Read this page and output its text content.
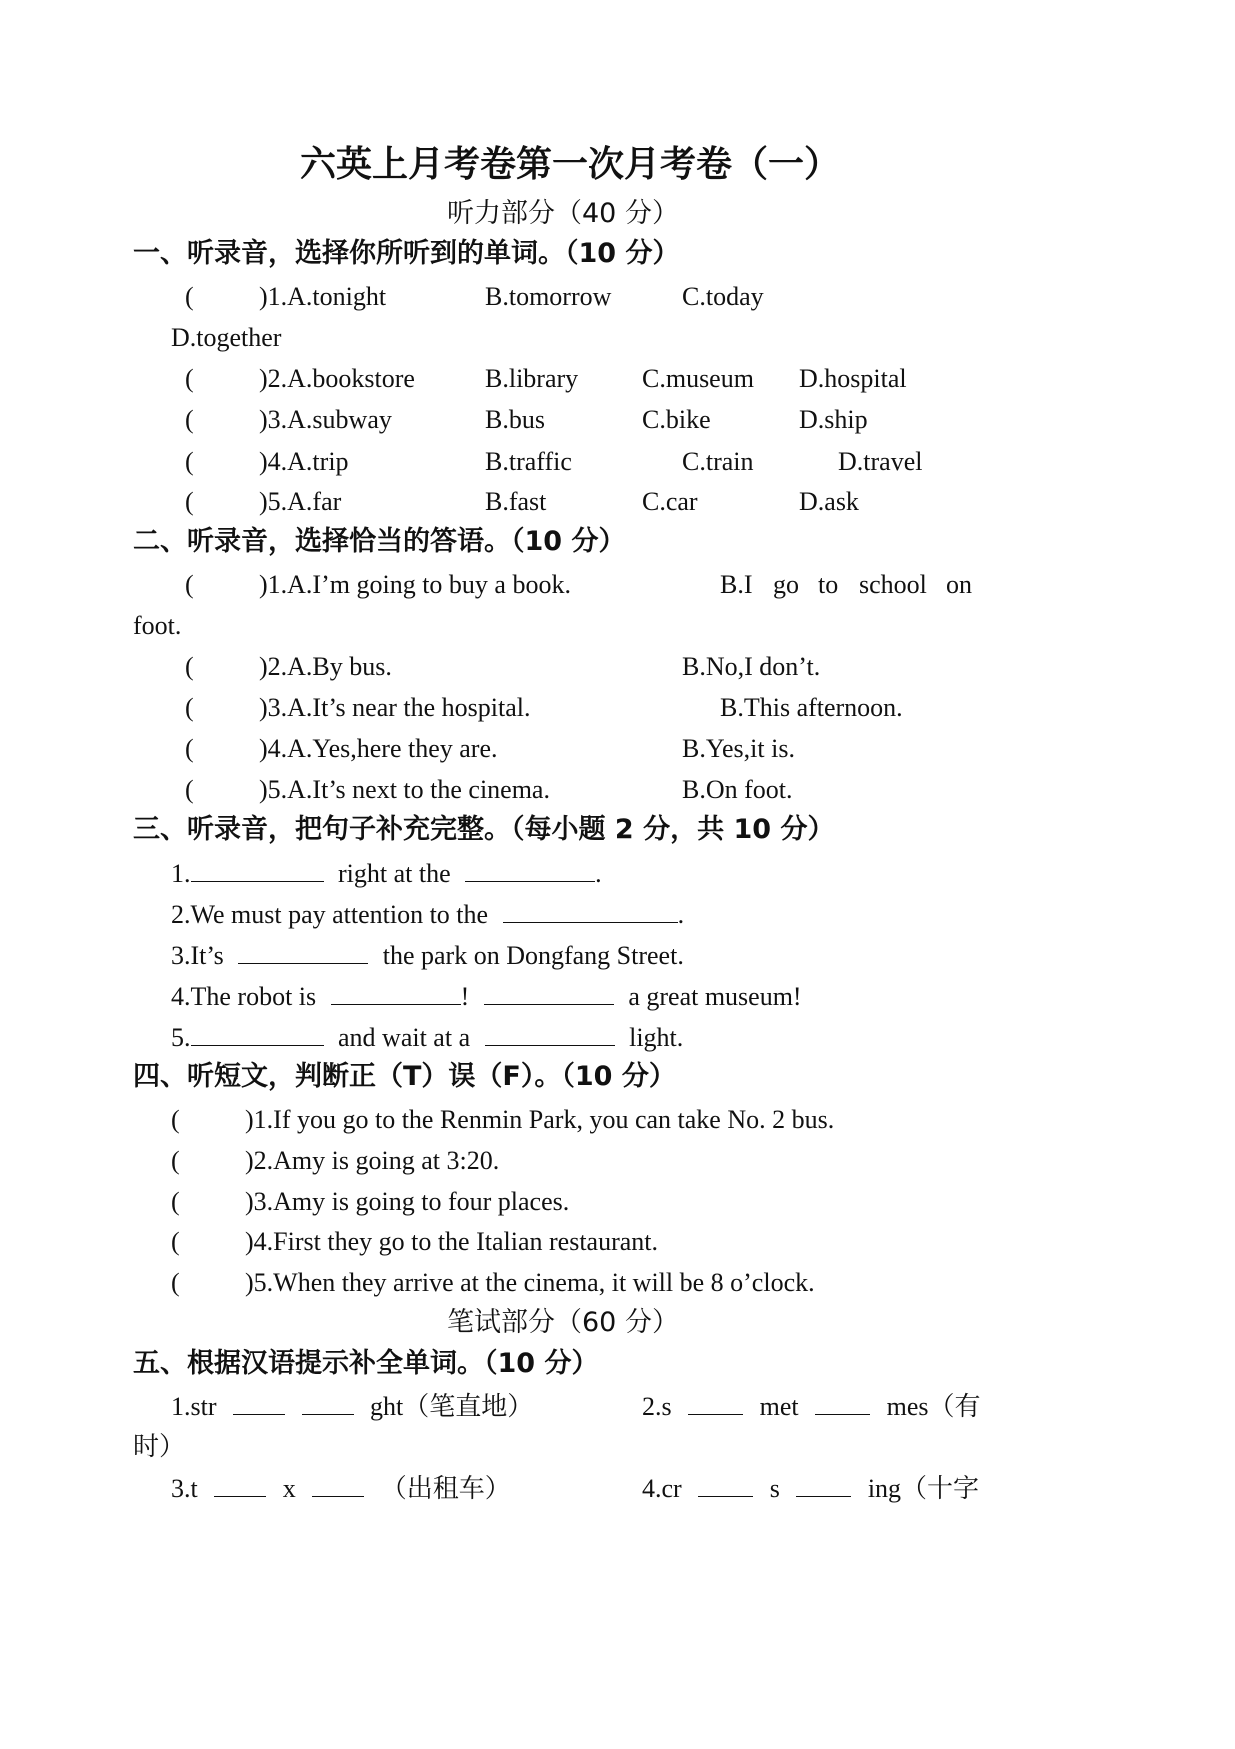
六英上月考卷第一次月考卷（一）
听力部分（40 分）
一、听录音，选择你所听到的单词。（10 分）
(	)1.A.tonight	B.tomorrow	C.today
D.together
(	)2.A.bookstore	B.library C.museum D.hospital
(	)3.A.subway	B.bus	C.bike	D.ship
(	)4.A.trip	B.traffic	C.train	D.travel
(	)5.A.far	B.fast	C.car	D.ask
二、听录音，选择恰当的答语。（10 分）
(	)1.A.I’m going to buy a book.	B.I go to school on
foot.
(	)2.A.By bus.	B.No,I don’t.
(	)3.A.It’s near the hospital.	B.This afternoon.
(	)4.A.Yes,here they are.	B.Yes,it is.
(	)5.A.It’s next to the cinema.	B.On foot.
三、听录音，把句子补充完整。（每小题 2 分，共 10 分）
1.	right at the	.
2.We must pay attention to the	.
3.It’s	the park on Dongfang Street.
4.The robot is	!	a great museum!
5.	and wait at a	light.
四、听短文，判断正（T）误（F）。（10 分）
(	)1.If you go to the Renmin Park, you can take No. 2 bus.
(	)2.Amy is going at 3:20.
(	)3.Amy is going to four places.
(	)4.First they go to the Italian restaurant.
(	)5.When they arrive at the cinema, it will be 8 o’clock.
笔试部分（60 分）
五、根据汉语提示补全单词。（10 分）
1.str	ght（笔直地）	2.s	met	mes（有
时）
3.t	x	（出租车）	4.cr	s	ing（十字
